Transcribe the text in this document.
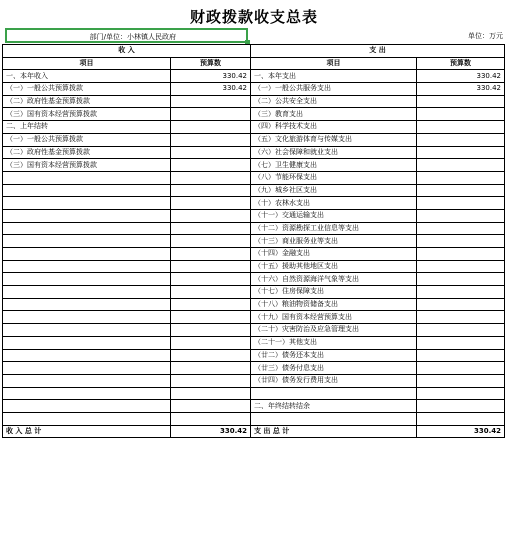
财政拨款收支总表
部门/单位：小林镇人民政府	单位：万元
收 入		支 出	
项目	预算数	项目	预算数
一、本年收入	330.42	一、本年支出	330.42
（一）一般公共预算拨款	330.42	（一）一般公共服务支出	330.42
（二）政府性基金预算拨款		（二）公共安全支出	
（三）国有资本经营预算拨款		（三）教育支出	
二、上年结转		（四）科学技术支出	
（一）一般公共预算拨款		（五）文化旅游体育与传媒支出	
（二）政府性基金预算拨款		（六）社会保障和就业支出	
（三）国有资本经营预算拨款		（七）卫生健康支出	
		（八）节能环保支出	
		（九）城乡社区支出	
		（十）农林水支出	
		（十一）交通运输支出	
		（十二）资源勘探工业信息等支出	
		（十三）商业服务业等支出	
		（十四）金融支出	
		（十五）援助其他地区支出	
		（十六）自然资源海洋气象等支出	
		（十七）住房保障支出	
		（十八）粮油物资储备支出	
		（十九）国有资本经营预算支出	
		（二十）灾害防治及应急管理支出	
		（二十一）其他支出	
		（廿二）债务还本支出	
		（廿三）债务付息支出	
		（廿四）债务发行费用支出	

		二、年终结转结余	

收 入 总 计	330.42	支 出 总 计	330.42
